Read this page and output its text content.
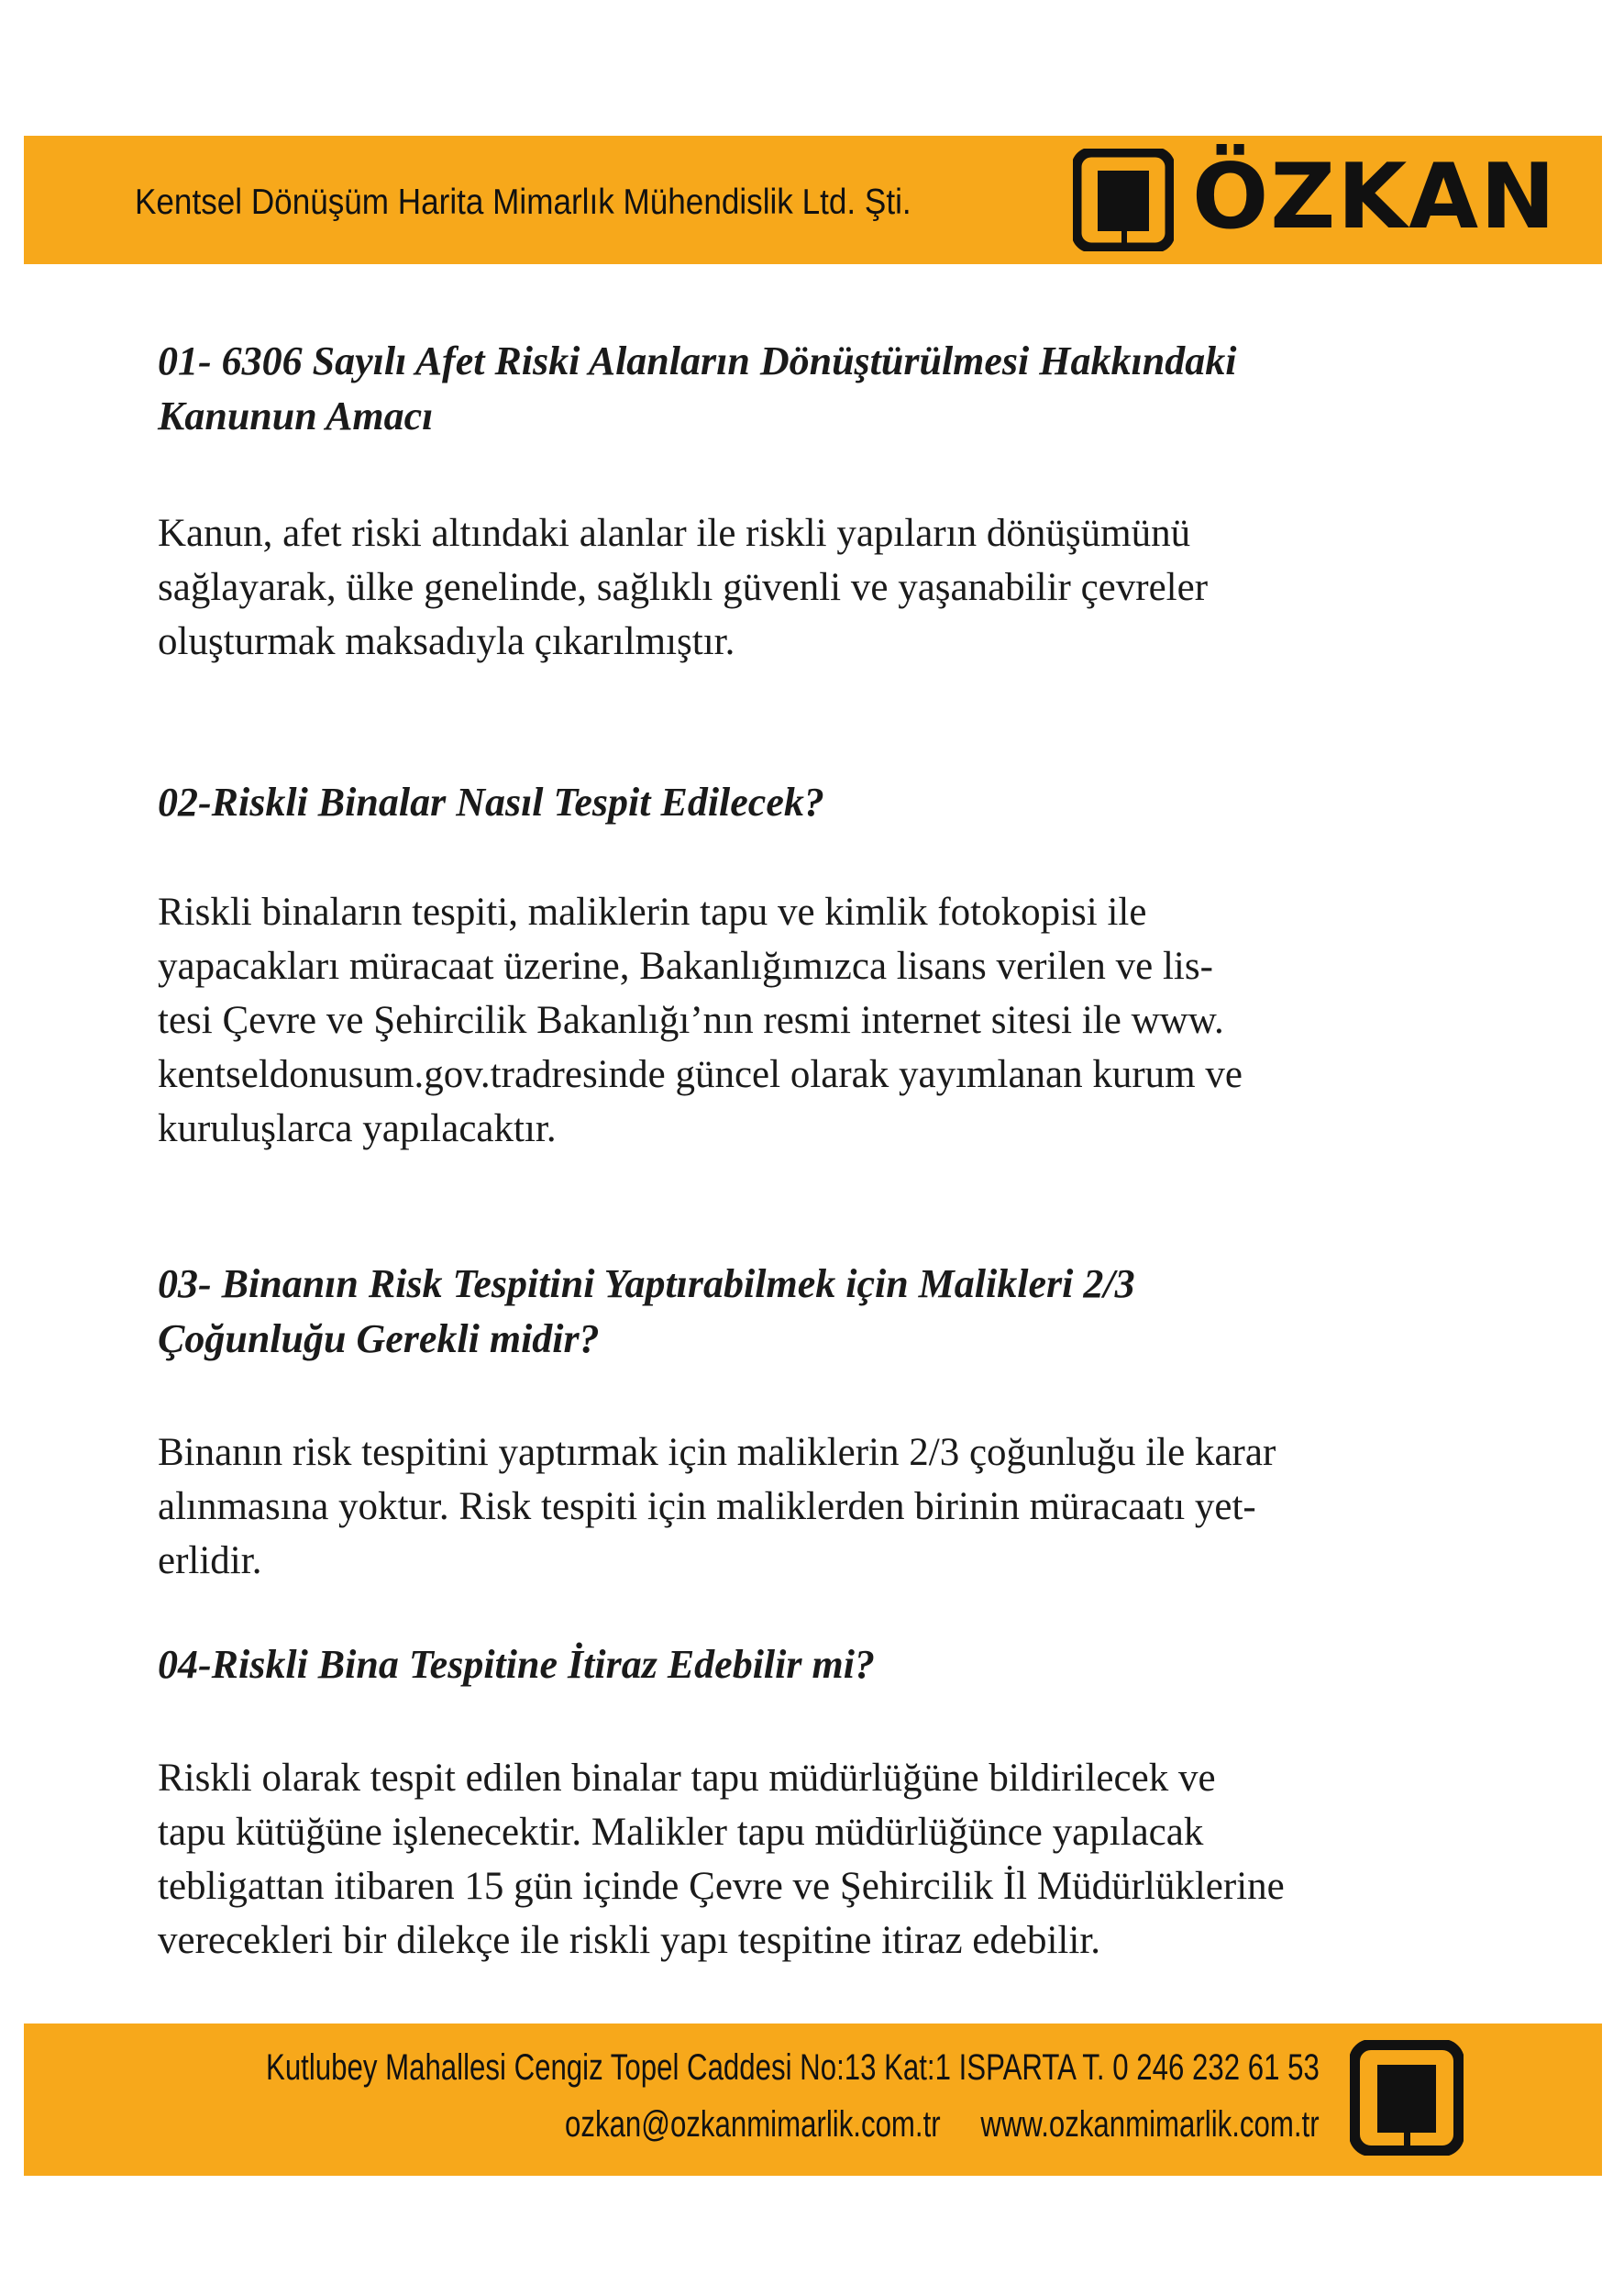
Kentsel Dönüşüm Harita Mimarlık Mühendislik Ltd. Şti.	ÖZKAN
01- 6306 Sayılı Afet Riski Alanların Dönüştürülmesi Hakkındaki
Kanunun Amacı

Kanun, afet riski altındaki alanlar ile riskli yapıların dönüşümünü
sağlayarak, ülke genelinde, sağlıklı güvenli ve yaşanabilir çevreler
oluşturmak maksadıyla çıkarılmıştır.

02-Riskli Binalar Nasıl Tespit Edilecek?

Riskli binaların tespiti, maliklerin tapu ve kimlik fotokopisi ile
yapacakları müracaat üzerine, Bakanlığımızca lisans verilen ve lis-
tesi Çevre ve Şehircilik Bakanlığı’nın resmi internet sitesi ile www.
kentseldonusum.gov.tradresinde güncel olarak yayımlanan kurum ve
kuruluşlarca yapılacaktır.

03- Binanın Risk Tespitini Yaptırabilmek için Malikleri 2/3
Çoğunluğu Gerekli midir?

Binanın risk tespitini yaptırmak için maliklerin 2/3 çoğunluğu ile karar
alınmasına yoktur. Risk tespiti için maliklerden birinin müracaatı yet-
erlidir.

04-Riskli Bina Tespitine İtiraz Edebilir mi?

Riskli olarak tespit edilen binalar tapu müdürlüğüne bildirilecek ve
tapu kütüğüne işlenecektir. Malikler tapu müdürlüğünce yapılacak
tebligattan itibaren 15 gün içinde Çevre ve Şehircilik İl Müdürlüklerine
verecekleri bir dilekçe ile riskli yapı tespitine itiraz edebilir.

Kutlubey Mahallesi Cengiz Topel Caddesi No:13 Kat:1 ISPARTA T. 0 246 232 61 53
ozkan@ozkanmimarlik.com.tr www.ozkanmimarlik.com.tr
